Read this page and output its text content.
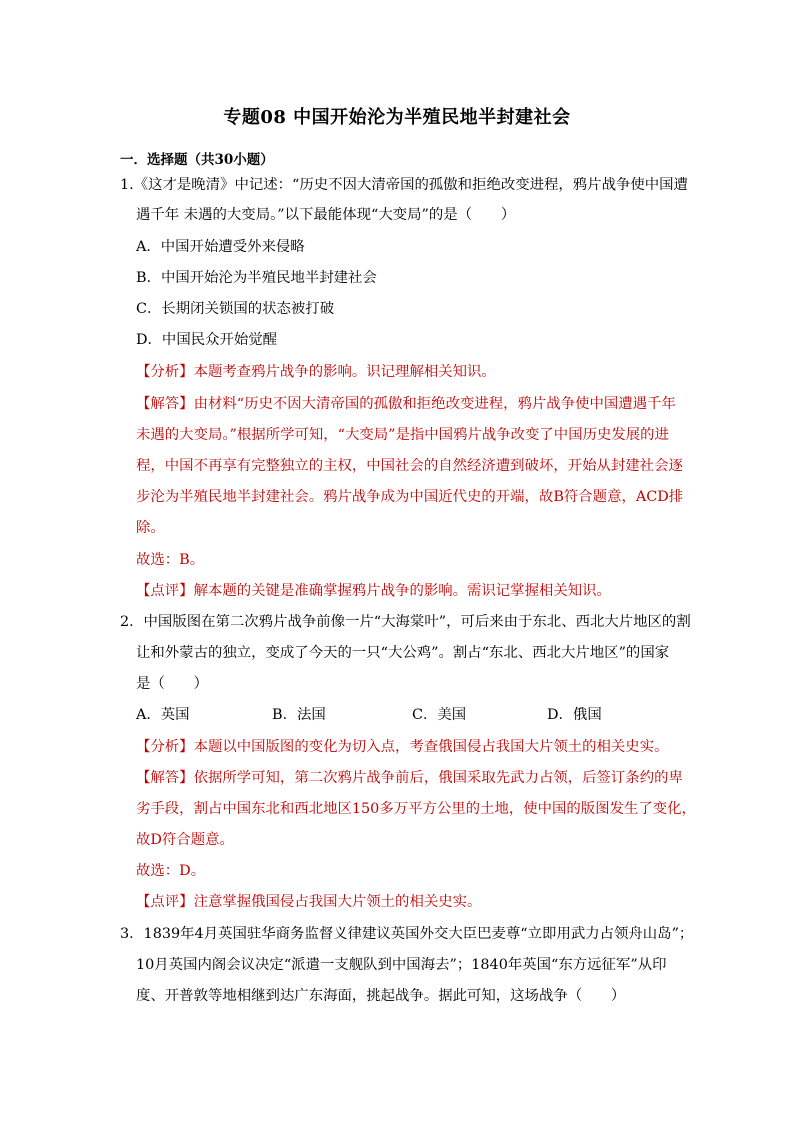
专题08 中国开始沦为半殖民地半封建社会
一．选择题（共30小题）
1.《这才是晚清》中记述：“历史不因大清帝国的孤傲和拒绝改变进程，鸦片战争使中国遭
遇千年 未遇的大变局。”以下最能体现“大变局”的是（　　）
A．中国开始遭受外来侵略
B．中国开始沦为半殖民地半封建社会
C．长期闭关锁国的状态被打破
D．中国民众开始觉醒
【分析】本题考查鸦片战争的影响。识记理解相关知识。
【解答】由材料“历史不因大清帝国的孤傲和拒绝改变进程，鸦片战争使中国遭遇千年
未遇的大变局。”根据所学可知，“大变局”是指中国鸦片战争改变了中国历史发展的进
程，中国不再享有完整独立的主权，中国社会的自然经济遭到破坏，开始从封建社会逐
步沦为半殖民地半封建社会。鸦片战争成为中国近代史的开端，故B符合题意，ACD排
除。
故选：B。
【点评】解本题的关键是准确掌握鸦片战争的影响。需识记掌握相关知识。
2．中国版图在第二次鸦片战争前像一片“大海棠叶”，可后来由于东北、西北大片地区的割
让和外蒙古的独立，变成了今天的一只“大公鸡”。割占“东北、西北大片地区”的国家
是（　　）
A．英国	B．法国	C．美国	D．俄国
【分析】本题以中国版图的变化为切入点，考查俄国侵占我国大片领土的相关史实。
【解答】依据所学可知，第二次鸦片战争前后，俄国采取先武力占领，后签订条约的卑
劣手段，割占中国东北和西北地区150多万平方公里的土地，使中国的版图发生了变化，
故D符合题意。
故选：D。
【点评】注意掌握俄国侵占我国大片领土的相关史实。
3．1839年4月英国驻华商务监督义律建议英国外交大臣巴麦尊“立即用武力占领舟山岛”；
10月英国内阁会议决定“派遣一支舰队到中国海去”；1840年英国“东方远征军”从印
度、开普敦等地相继到达广东海面，挑起战争。据此可知，这场战争（　　）
